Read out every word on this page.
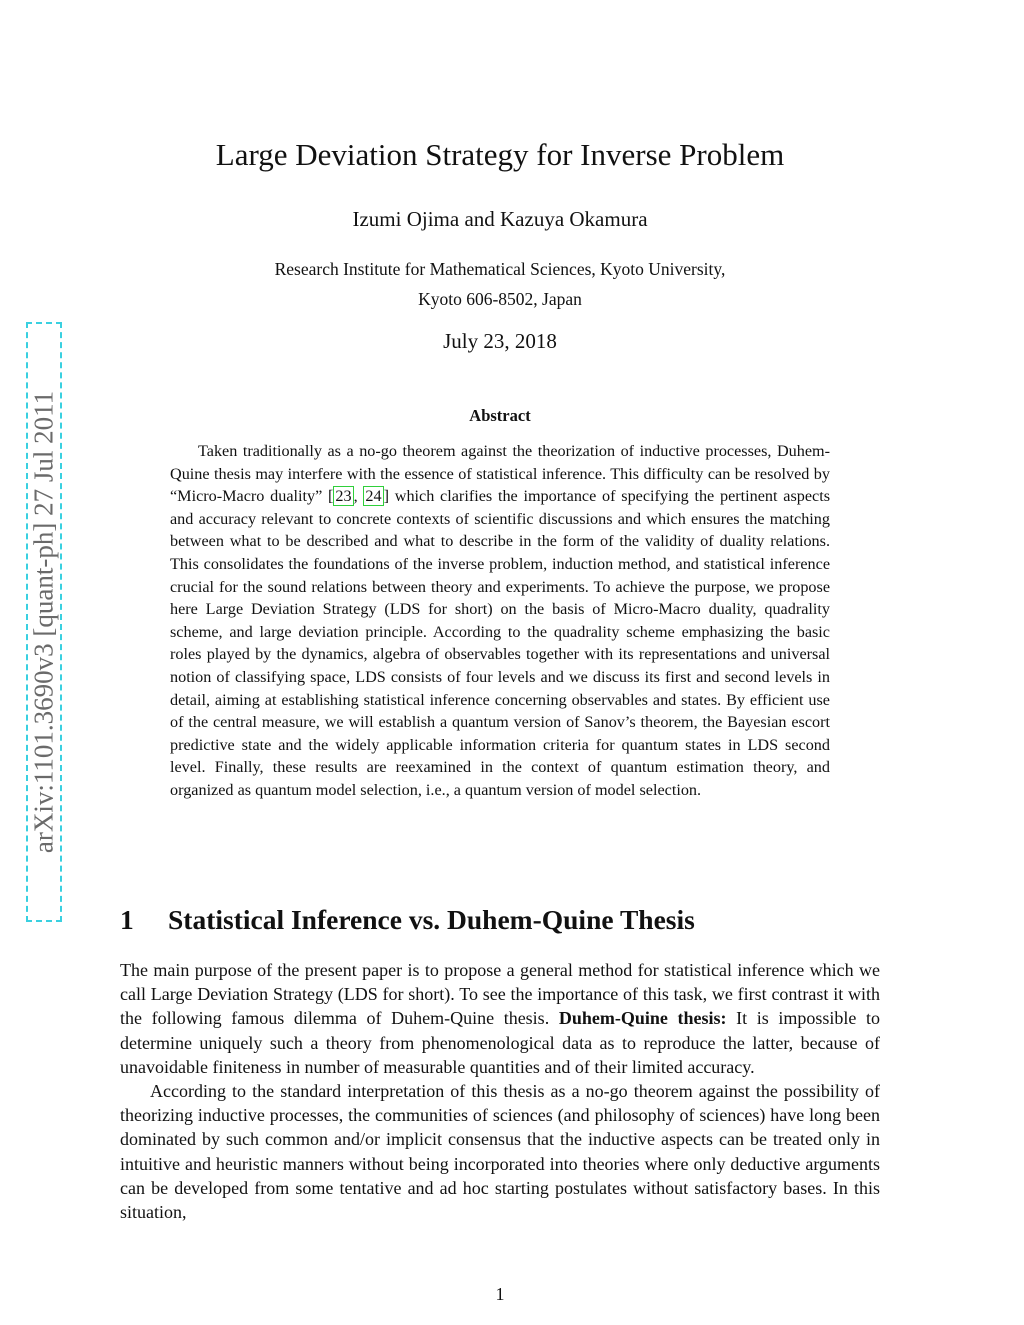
arXiv:1101.3690v3 [quant-ph] 27 Jul 2011
Large Deviation Strategy for Inverse Problem
Izumi Ojima and Kazuya Okamura
Research Institute for Mathematical Sciences, Kyoto University,
Kyoto 606-8502, Japan
July 23, 2018
Abstract
Taken traditionally as a no-go theorem against the theorization of inductive processes, Duhem-Quine thesis may interfere with the essence of statistical inference. This difficulty can be resolved by “Micro-Macro duality” [ 23 , 24 ] which clarifies the importance of specifying the pertinent aspects and accuracy relevant to concrete contexts of scientific discussions and which ensures the matching between what to be described and what to describe in the form of the validity of duality relations. This consolidates the foundations of the inverse problem, induction method, and statistical inference crucial for the sound relations between theory and experiments. To achieve the purpose, we propose here Large Deviation Strategy (LDS for short) on the basis of Micro-Macro duality, quadrality scheme, and large deviation principle. According to the quadrality scheme emphasizing the basic roles played by the dynamics, algebra of observables together with its representations and universal notion of classifying space, LDS consists of four levels and we discuss its first and second levels in detail, aiming at establishing statistical inference concerning observables and states. By efficient use of the central measure, we will establish a quantum version of Sanov’s theorem, the Bayesian escort predictive state and the widely applicable information criteria for quantum states in LDS second level. Finally, these results are reexamined in the context of quantum estimation theory, and organized as quantum model selection, i.e., a quantum version of model selection.
1 Statistical Inference vs. Duhem-Quine Thesis

The main purpose of the present paper is to propose a general method for statistical inference which we call Large Deviation Strategy (LDS for short). To see the importance of this task, we first contrast it with the following famous dilemma of Duhem-Quine thesis. Duhem-Quine thesis: It is impossible to determine uniquely such a theory from phenomenological data as to reproduce the latter, because of unavoidable finiteness in number of measurable quantities and of their limited accuracy.

According to the standard interpretation of this thesis as a no-go theorem against the possibility of theorizing inductive processes, the communities of sciences (and philosophy of sciences) have long been dominated by such common and/or implicit consensus that the inductive aspects can be treated only in intuitive and heuristic manners without being incorporated into theories where only deductive arguments can be developed from some tentative and ad hoc starting postulates without satisfactory bases. In this situation,

1
